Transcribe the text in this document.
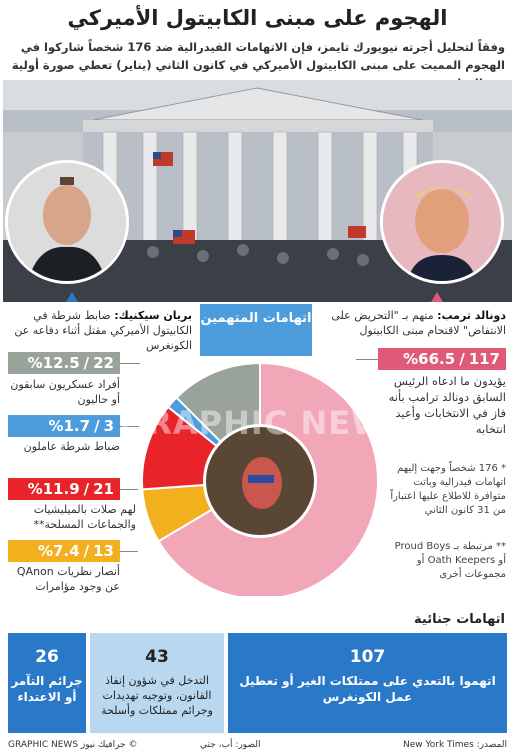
الهجوم على مبنى الكابيتول الأميركي
وفقاً لتحليل أجرته نيويورك تايمز، فإن الاتهامات الفيدرالية ضد 176 شخصاً شاركوا في الهجوم المميت على مبنى الكابيتول الأميركي في كانون الثاني (يناير) تعطي صورة أولية
بريان سيكنيك: ضابط شرطة في الكابيتول الأميركي مقتل أثناء دفاعه عن الكونغرس
دونالد ترمب: متهم بـ "التحريض على الانتفاض" لاقتحام مبنى الكابيتول
اتهامات المتهمين
22
/
%12.5
أفراد عسكريون سابقون أو حاليون
3
/
%1.7
ضباط شرطة عاملون
21
/
%11.9
لهم صلات بالميليشيات والجماعات المسلحة**
13
/
%7.4
أنصار نظريات QAnon عن وجود مؤامرات
117
/
%66.5
يؤيدون ما ادعاه الرئيس السابق دونالد ترامب بأنه فاز في الانتخابات وأعيد انتخابه
* 176 شخصاً وجهت إليهم اتهامات فيدرالية وباتت متوافرة للاطلاع عليها اعتباراً من 31 كانون الثاني
** مرتبطة بـ Proud Boys أو Oath Keepers أو مجموعات أخرى
GRAPHIC NEWS
اتهامات جنائية
107
اتهموا بالتعدي على ممتلكات الغير أو تعطيل عمل الكونغرس
43
التدخل في شؤون إنفاذ القانون، وتوجيه تهديدات وجرائم ممتلكات وأسلحة
26
جرائم التآمر أو الاعتداء
المصدر: New York Times
الصور: أب، جتي
© جرافيك نيوز GRAPHIC NEWS
